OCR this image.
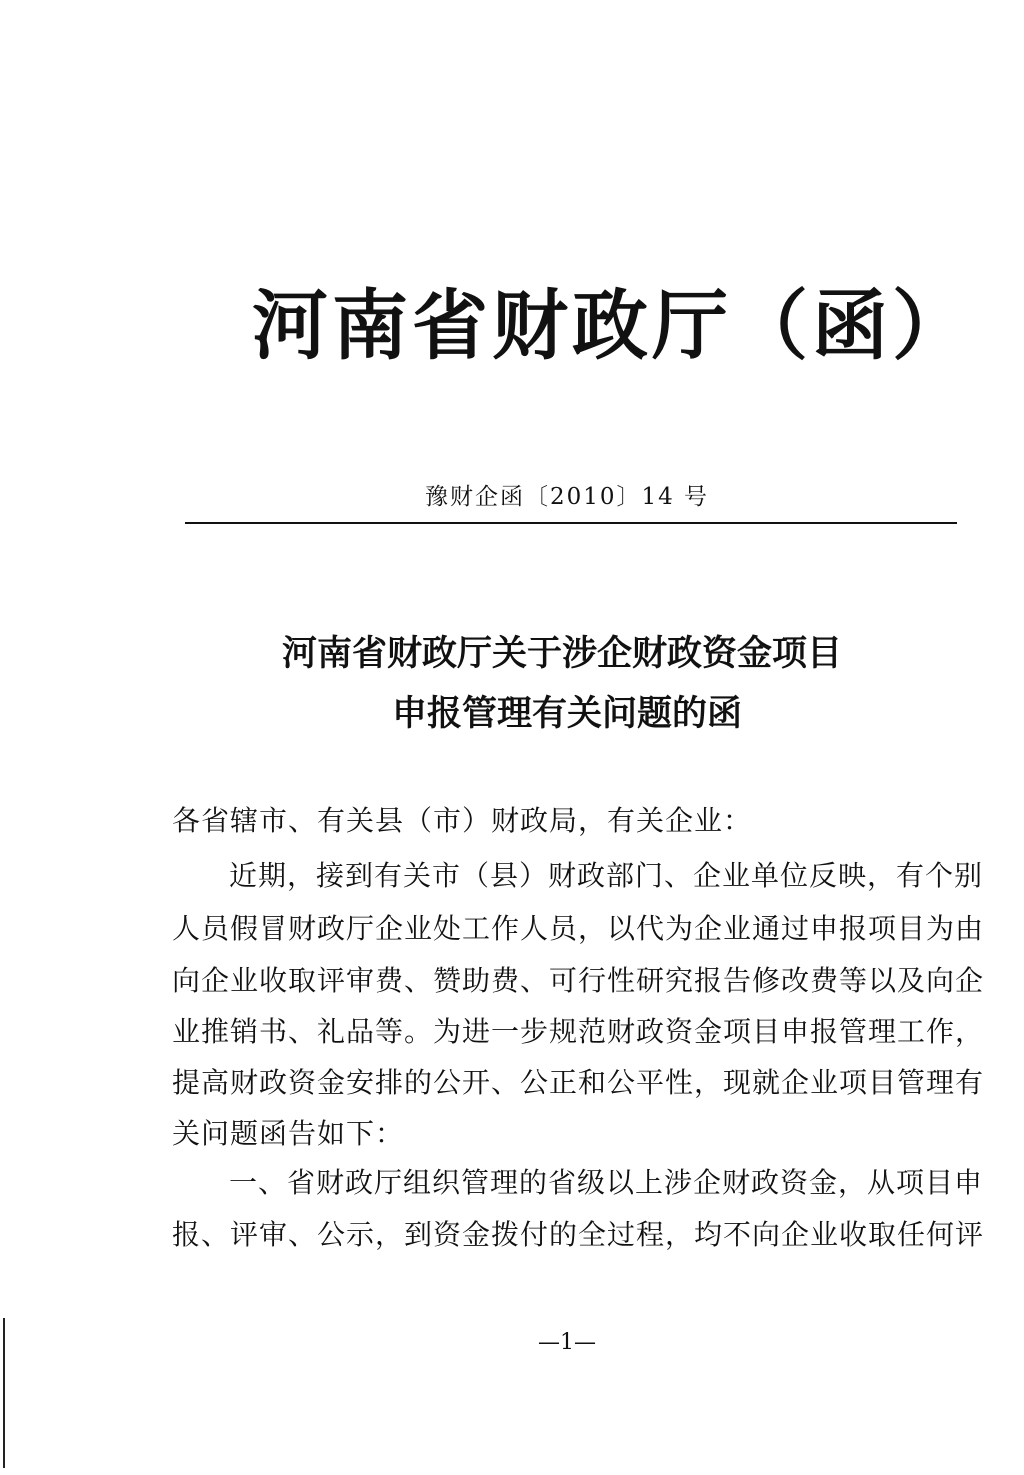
河南省财政厅（函）
豫财企函〔2010〕14 号
河南省财政厅关于涉企财政资金项目
申报管理有关问题的函
各省辖市、有关县（市）财政局，有关企业：
近期，接到有关市（县）财政部门、企业单位反映，有个别
人员假冒财政厅企业处工作人员，以代为企业通过申报项目为由
向企业收取评审费、赞助费、可行性研究报告修改费等以及向企
业推销书、礼品等。为进一步规范财政资金项目申报管理工作，
提高财政资金安排的公开、公正和公平性，现就企业项目管理有
关问题函告如下：
一、省财政厅组织管理的省级以上涉企财政资金，从项目申
报、评审、公示，到资金拨付的全过程，均不向企业收取任何评
—1—
